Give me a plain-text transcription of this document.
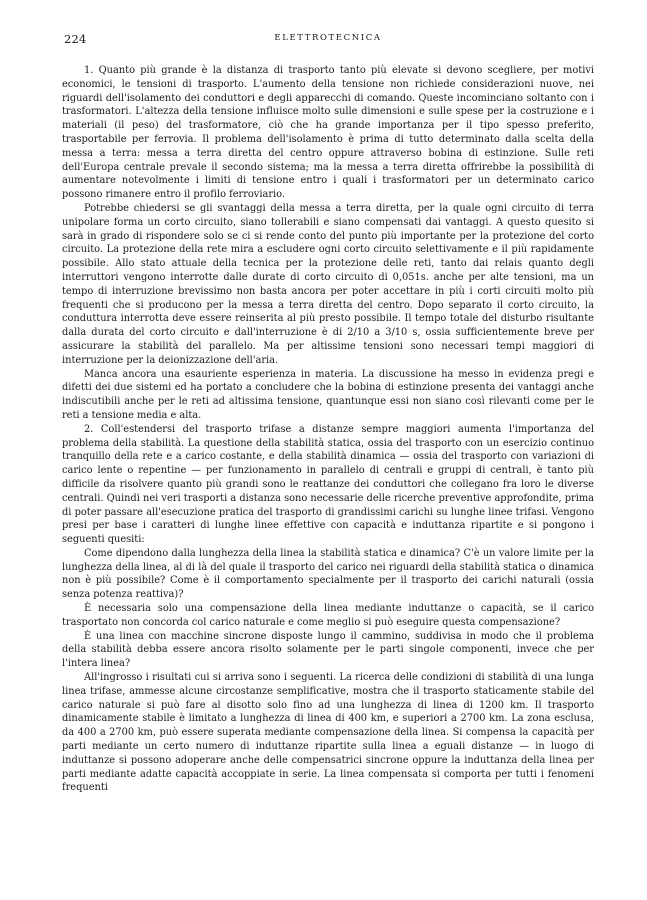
224	ELETTROTECNICA

1. Quanto più grande è la distanza di trasporto tanto più elevate si devono scegliere, per motivi economici, le tensioni di trasporto. L'aumento della tensione non richiede considerazioni nuove, nei riguardi dell'isolamento dei conduttori e degli apparecchi di comando. Queste incominciano soltanto con i trasformatori. L'altezza della tensione influisce molto sulle dimensioni e sulle spese per la costruzione e i materiali (il peso) del trasformatore, ciò che ha grande importanza per il tipo spesso preferito, trasportabile per ferrovia. Il problema dell'isolamento è prima di tutto determinato dalla scelta della messa a terra: messa a terra diretta del centro oppure attraverso bobina di estinzione. Sulle reti dell'Europa centrale prevale il secondo sistema; ma la messa a terra diretta offrirebbe la possibilità di aumentare notevolmente i limiti di tensione entro i quali i trasformatori per un determinato carico possono rimanere entro il profilo ferroviario.

Potrebbe chiedersi se gli svantaggi della messa a terra diretta, per la quale ogni circuito di terra unipolare forma un corto circuito, siano tollerabili e siano compensati dai vantaggi. A questo quesito si sarà in grado di rispondere solo se ci si rende conto del punto più importante per la protezione del corto circuito. La protezione della rete mira a escludere ogni corto circuito selettivamente e il più rapidamente possibile. Allo stato attuale della tecnica per la protezione delle reti, tanto dai relais quanto degli interruttori vengono interrotte dalle durate di corto circuito di 0,051s. anche per alte tensioni, ma un tempo di interruzione brevissimo non basta ancora per poter accettare in più i corti circuiti molto più frequenti che si producono per la messa a terra diretta del centro. Dopo separato il corto circuito, la conduttura interrotta deve essere reinserita al più presto possibile. Il tempo totale del disturbo risultante dalla durata del corto circuito e dall'interruzione è di 2/10 a 3/10 s, ossia sufficientemente breve per assicurare la stabilità del parallelo. Ma per altissime tensioni sono necessari tempi maggiori di interruzione per la deionizzazione dell'aria.

Manca ancora una esauriente esperienza in materia. La discussione ha messo in evidenza pregi e difetti dei due sistemi ed ha portato a concludere che la bobina di estinzione presenta dei vantaggi anche indiscutibili anche per le reti ad altissima tensione, quantunque essi non siano così rilevanti come per le reti a tensione media e alta.

2. Coll'estendersi del trasporto trifase a distanze sempre maggiori aumenta l'importanza del problema della stabilità. La questione della stabilità statica, ossia del trasporto con un esercizio continuo tranquillo della rete e a carico costante, e della stabilità dinamica — ossia del trasporto con variazioni di carico lente o repentine — per funzionamento in parallelo di centrali e gruppi di centrali, è tanto più difficile da risolvere quanto più grandi sono le reattanze dei conduttori che collegano fra loro le diverse centrali. Quindi nei veri trasporti a distanza sono necessarie delle ricerche preventive approfondite, prima di poter passare all'esecuzione pratica del trasporto di grandissimi carichi su lunghe linee trifasi. Vengono presi per base i caratteri di lunghe linee effettive con capacità e induttanza ripartite e si pongono i seguenti quesiti:

Come dipendono dalla lunghezza della linea la stabilità statica e dinamica? C'è un valore limite per la lunghezza della linea, al di là del quale il trasporto del carico nei riguardi della stabilità statica o dinamica non è più possibile? Come è il comportamento specialmente per il trasporto dei carichi naturali (ossia senza potenza reattiva)?

È necessaria solo una compensazione della linea mediante induttanze o capacità, se il carico trasportato non concorda col carico naturale e come meglio si può eseguire questa compensazione?

È una linea con macchine sincrone disposte lungo il cammino, suddivisa in modo che il problema della stabilità debba essere ancora risolto solamente per le parti singole componenti, invece che per l'intera linea?

All'ingrosso i risultati cui si arriva sono i seguenti. La ricerca delle condizioni di stabilità di una lunga linea trifase, ammesse alcune circostanze semplificative, mostra che il trasporto staticamente stabile del carico naturale si può fare al disotto solo fino ad una lunghezza di linea di 1200 km. Il trasporto dinamicamente stabile è limitato a lunghezza di linea di 400 km, e superiori a 2700 km. La zona esclusa, da 400 a 2700 km, può essere superata mediante compensazione della linea. Si compensa la capacità per parti mediante un certo numero di induttanze ripartite sulla linea a eguali distanze — in luogo di induttanze si possono adoperare anche delle compensatrici sincrone oppure la induttanza della linea per parti mediante adatte capacità accoppiate in serie. La linea compensata si comporta per tutti i fenomeni frequenti
